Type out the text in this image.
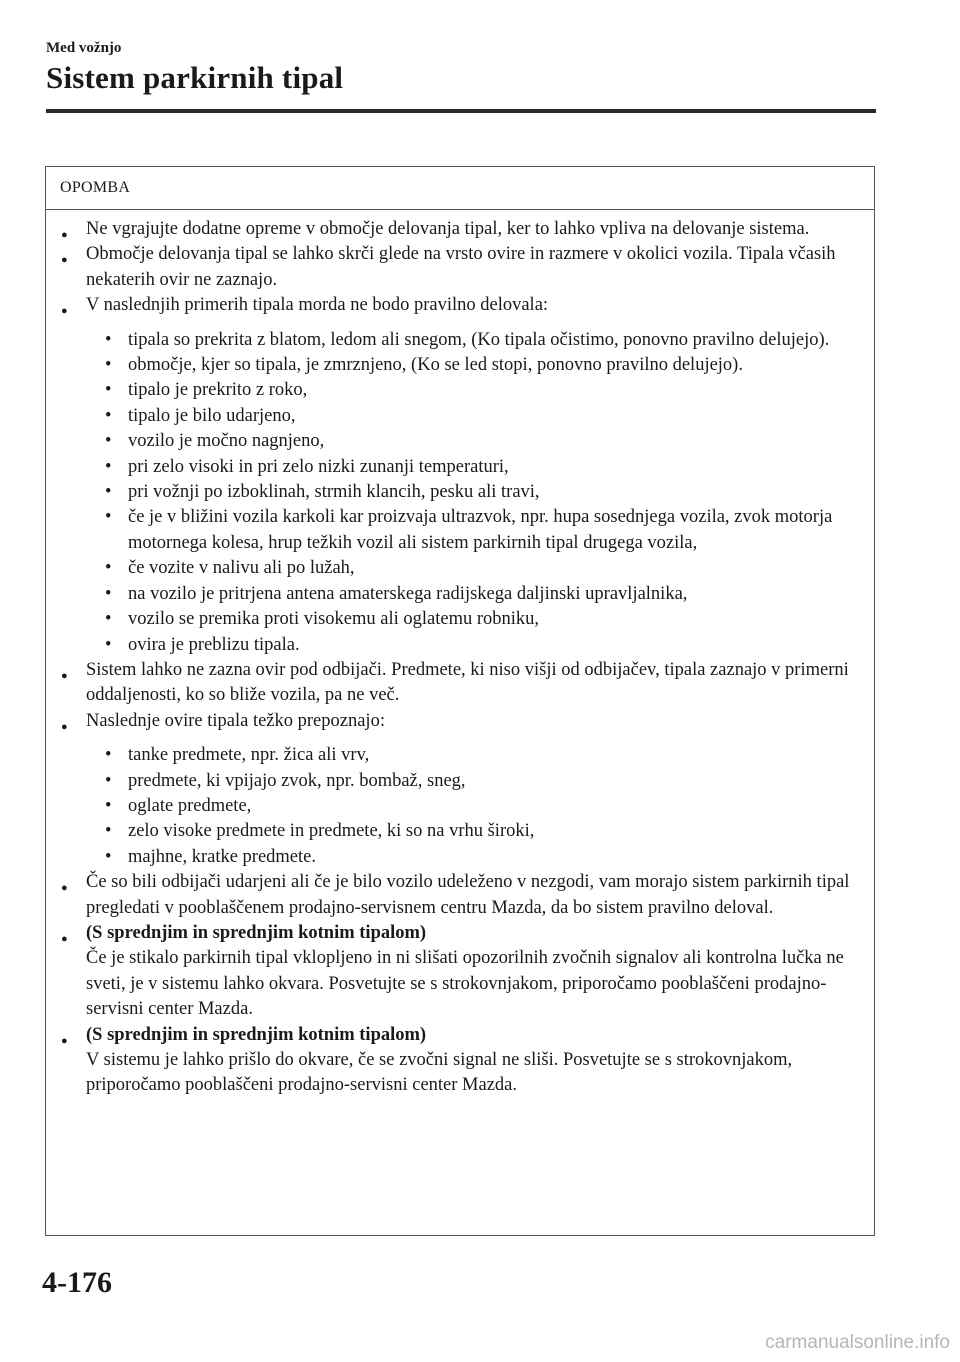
Med vožnjo
Sistem parkirnih tipal
OPOMBA
● Ne vgrajujte dodatne opreme v območje delovanja tipal, ker to lahko vpliva na delovanje sistema.
● Območje delovanja tipal se lahko skrči glede na vrsto ovire in razmere v okolici vozila. Tipala včasih nekaterih ovir ne zaznajo.
● V naslednjih primerih tipala morda ne bodo pravilno delovala:
• tipala so prekrita z blatom, ledom ali snegom, (Ko tipala očistimo, ponovno pravilno delujejo).
• območje, kjer so tipala, je zmrznjeno, (Ko se led stopi, ponovno pravilno delujejo).
• tipalo je prekrito z roko,
• tipalo je bilo udarjeno,
• vozilo je močno nagnjeno,
• pri zelo visoki in pri zelo nizki zunanji temperaturi,
• pri vožnji po izboklinah, strmih klancih, pesku ali travi,
• če je v bližini vozila karkoli kar proizvaja ultrazvok, npr. hupa sosednjega vozila, zvok motorja motornega kolesa, hrup težkih vozil ali sistem parkirnih tipal drugega vozila,
• če vozite v nalivu ali po lužah,
• na vozilo je pritrjena antena amaterskega radijskega daljinski upravljalnika,
• vozilo se premika proti visokemu ali oglatemu robniku,
• ovira je preblizu tipala.
● Sistem lahko ne zazna ovir pod odbijači. Predmete, ki niso višji od odbijačev, tipala zaznajo v primerni oddaljenosti, ko so bliže vozila, pa ne več.
● Naslednje ovire tipala težko prepoznajo:
• tanke predmete, npr. žica ali vrv,
• predmete, ki vpijajo zvok, npr. bombaž, sneg,
• oglate predmete,
• zelo visoke predmete in predmete, ki so na vrhu široki,
• majhne, kratke predmete.
● Če so bili odbijači udarjeni ali če je bilo vozilo udeleženo v nezgodi, vam morajo sistem parkirnih tipal pregledati v pooblaščenem prodajno-servisnem centru Mazda, da bo sistem pravilno deloval.
● (S sprednjim in sprednjim kotnim tipalom)
Če je stikalo parkirnih tipal vklopljeno in ni slišati opozorilnih zvočnih signalov ali kontrolna lučka ne sveti, je v sistemu lahko okvara. Posvetujte se s strokovnjakom, priporočamo pooblaščeni prodajno-servisni center Mazda.
● (S sprednjim in sprednjim kotnim tipalom)
V sistemu je lahko prišlo do okvare, če se zvočni signal ne sliši. Posvetujte se s strokovnjakom, priporočamo pooblaščeni prodajno-servisni center Mazda.
4-176
carmanualsonline.info
